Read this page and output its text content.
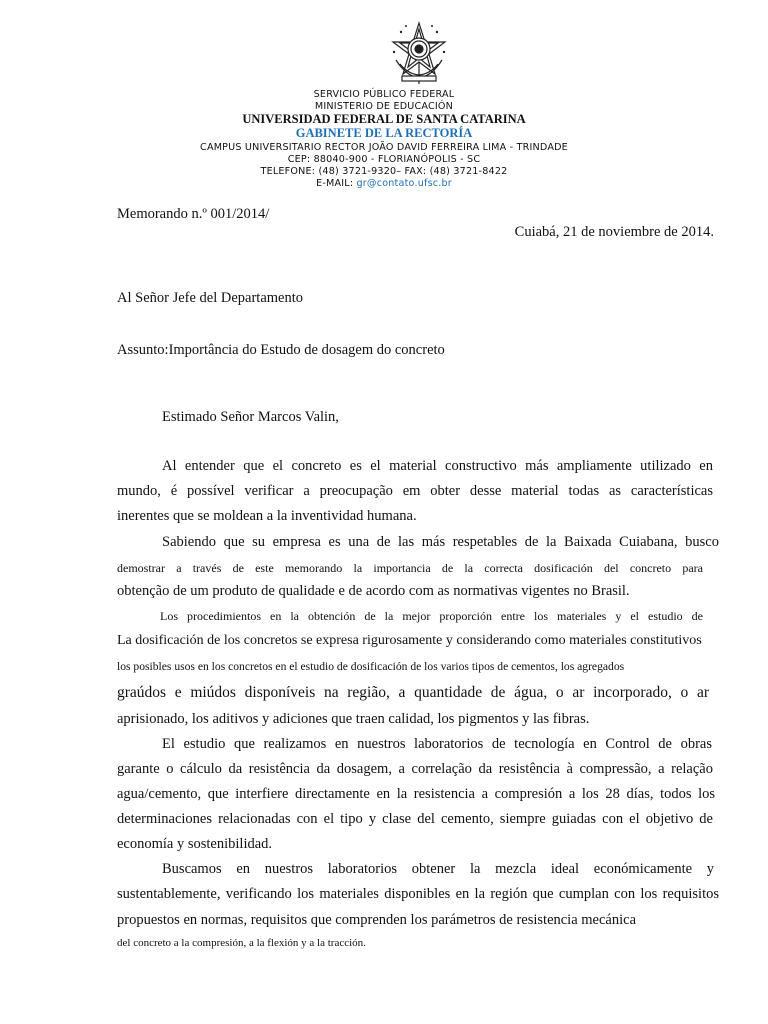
SERVICIO PÚBLICO FEDERAL
MINISTERIO DE EDUCACIÓN
UNIVERSIDAD FEDERAL DE SANTA CATARINA
GABINETE DE LA RECTORÍA
CAMPUS UNIVERSITARIO RECTOR JOÃO DAVID FERREIRA LIMA - TRINDADE
CEP: 88040-900 - FLORIANÓPOLIS - SC
TELEFONE: (48) 3721-9320– FAX: (48) 3721-8422
E-MAIL: gr@contato.ufsc.br
Memorando n.º 001/2014/
Cuiabá, 21 de noviembre de 2014.
Al Señor Jefe del Departamento
Assunto:Importância do Estudo de dosagem do concreto
Estimado Señor Marcos Valin,
Al entender que el concreto es el material constructivo más ampliamente utilizado en
mundo, é possível verificar a preocupação em obter desse material todas as características
inerentes que se moldean a la inventividad humana.
Sabiendo que su empresa es una de las más respetables de la Baixada Cuiabana, busco
demostrar a través de este memorando la importancia de la correcta dosificación del concreto para
obtenção de um produto de qualidade e de acordo com as normativas vigentes no Brasil.
Los procedimientos en la obtención de la mejor proporción entre los materiales y el estudio de
La dosificación de los concretos se expresa rigurosamente y considerando como materiales constitutivos
los posibles usos en los concretos en el estudio de dosificación de los varios tipos de cementos, los agregados
graúdos e miúdos disponíveis na região, a quantidade de água, o ar incorporado, o ar
aprisionado, los aditivos y adiciones que traen calidad, los pigmentos y las fibras.
El estudio que realizamos en nuestros laboratorios de tecnología en Control de obras
garante o cálculo da resistência da dosagem, a correlação da resistência à compressão, a relação
agua/cemento, que interfiere directamente en la resistencia a compresión a los 28 días, todos los
determinaciones relacionadas con el tipo y clase del cemento, siempre guiadas con el objetivo de
economía y sostenibilidad.
Buscamos en nuestros laboratorios obtener la mezcla ideal económicamente y
sustentablemente, verificando los materiales disponibles en la región que cumplan con los requisitos
propuestos en normas, requisitos que comprenden los parámetros de resistencia mecánica
del concreto a la compresión, a la flexión y a la tracción.
